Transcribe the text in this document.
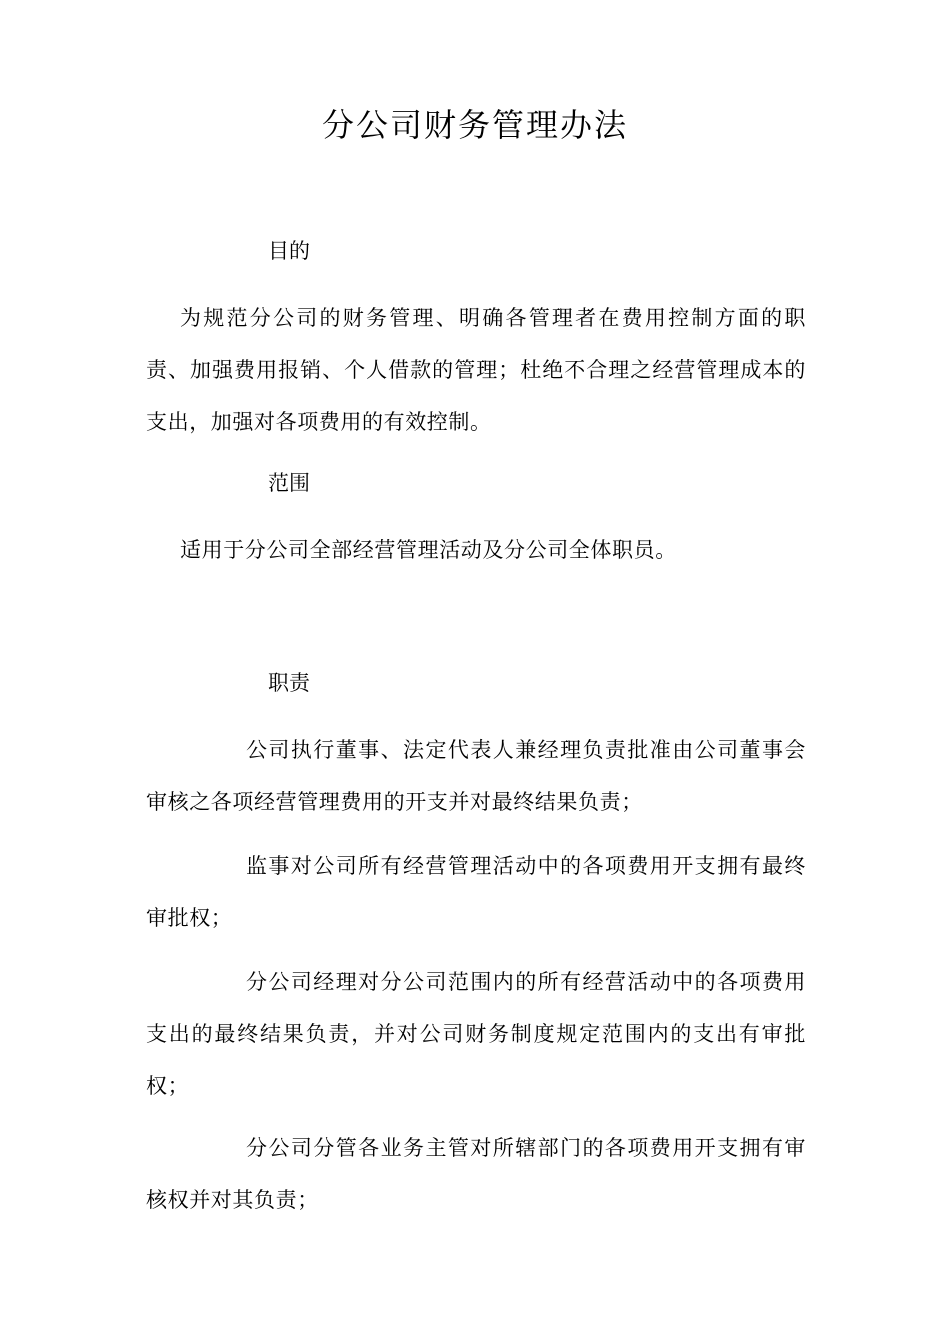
分公司财务管理办法
目的
为规范分公司的财务管理、明确各管理者在费用控制方面的职责、加强费用报销、个人借款的管理；杜绝不合理之经营管理成本的支出，加强对各项费用的有效控制。
范围
适用于分公司全部经营管理活动及分公司全体职员。
职责
公司执行董事、法定代表人兼经理负责批准由公司董事会审核之各项经营管理费用的开支并对最终结果负责；
监事对公司所有经营管理活动中的各项费用开支拥有最终审批权；
分公司经理对分公司范围内的所有经营活动中的各项费用支出的最终结果负责，并对公司财务制度规定范围内的支出有审批权；
分公司分管各业务主管对所辖部门的各项费用开支拥有审核权并对其负责；
